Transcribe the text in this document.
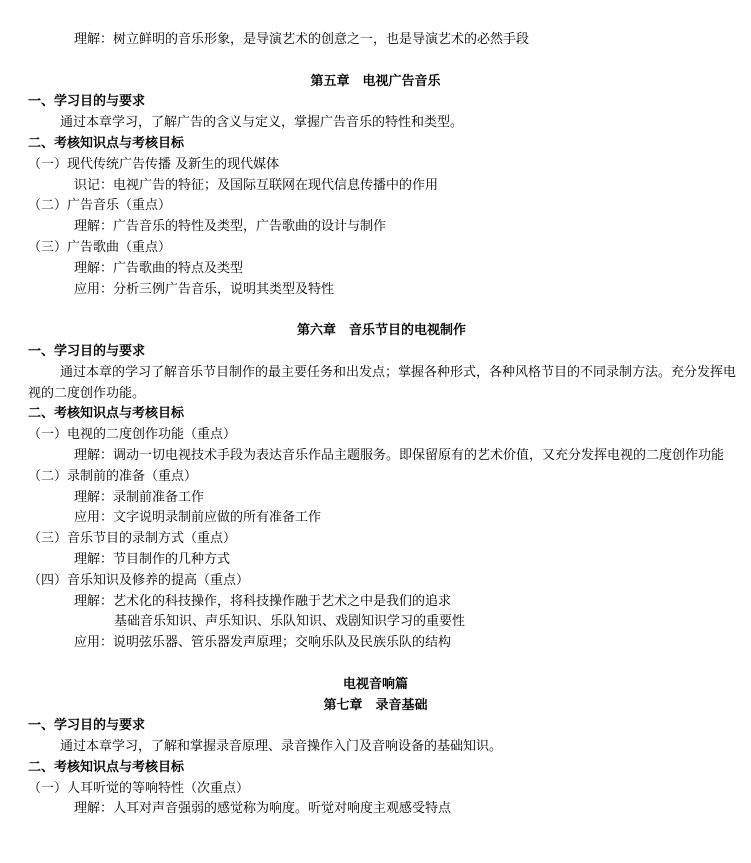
理解：树立鲜明的音乐形象，是导演艺术的创意之一，也是导演艺术的必然手段
第五章　电视广告音乐
一、学习目的与要求
通过本章学习，了解广告的含义与定义，掌握广告音乐的特性和类型。
二、考核知识点与考核目标
（一）现代传统广告传播 及新生的现代媒体
识记：电视广告的特征；及国际互联网在现代信息传播中的作用
（二）广告音乐（重点）
理解：广告音乐的特性及类型，广告歌曲的设计与制作
（三）广告歌曲（重点）
理解：广告歌曲的特点及类型
应用：分析三例广告音乐，说明其类型及特性
第六章　音乐节目的电视制作
一、学习目的与要求
通过本章的学习了解音乐节目制作的最主要任务和出发点；掌握各种形式，各种风格节目的不同录制方法。充分发挥电视的二度创作功能。
二、考核知识点与考核目标
（一）电视的二度创作功能（重点）
理解：调动一切电视技术手段为表达音乐作品主题服务。即保留原有的艺术价值，又充分发挥电视的二度创作功能
（二）录制前的准备（重点）
理解：录制前准备工作
应用：文字说明录制前应做的所有准备工作
（三）音乐节目的录制方式（重点）
理解：节目制作的几种方式
（四）音乐知识及修养的提高（重点）
理解：艺术化的科技操作，将科技操作融于艺术之中是我们的追求
基础音乐知识、声乐知识、乐队知识、戏剧知识学习的重要性
应用：说明弦乐器、管乐器发声原理；交响乐队及民族乐队的结构
电视音响篇
第七章　录音基础
一、学习目的与要求
通过本章学习，了解和掌握录音原理、录音操作入门及音响设备的基础知识。
二、考核知识点与考核目标
（一）人耳听觉的等响特性（次重点）
理解：人耳对声音强弱的感觉称为响度。听觉对响度主观感受特点
